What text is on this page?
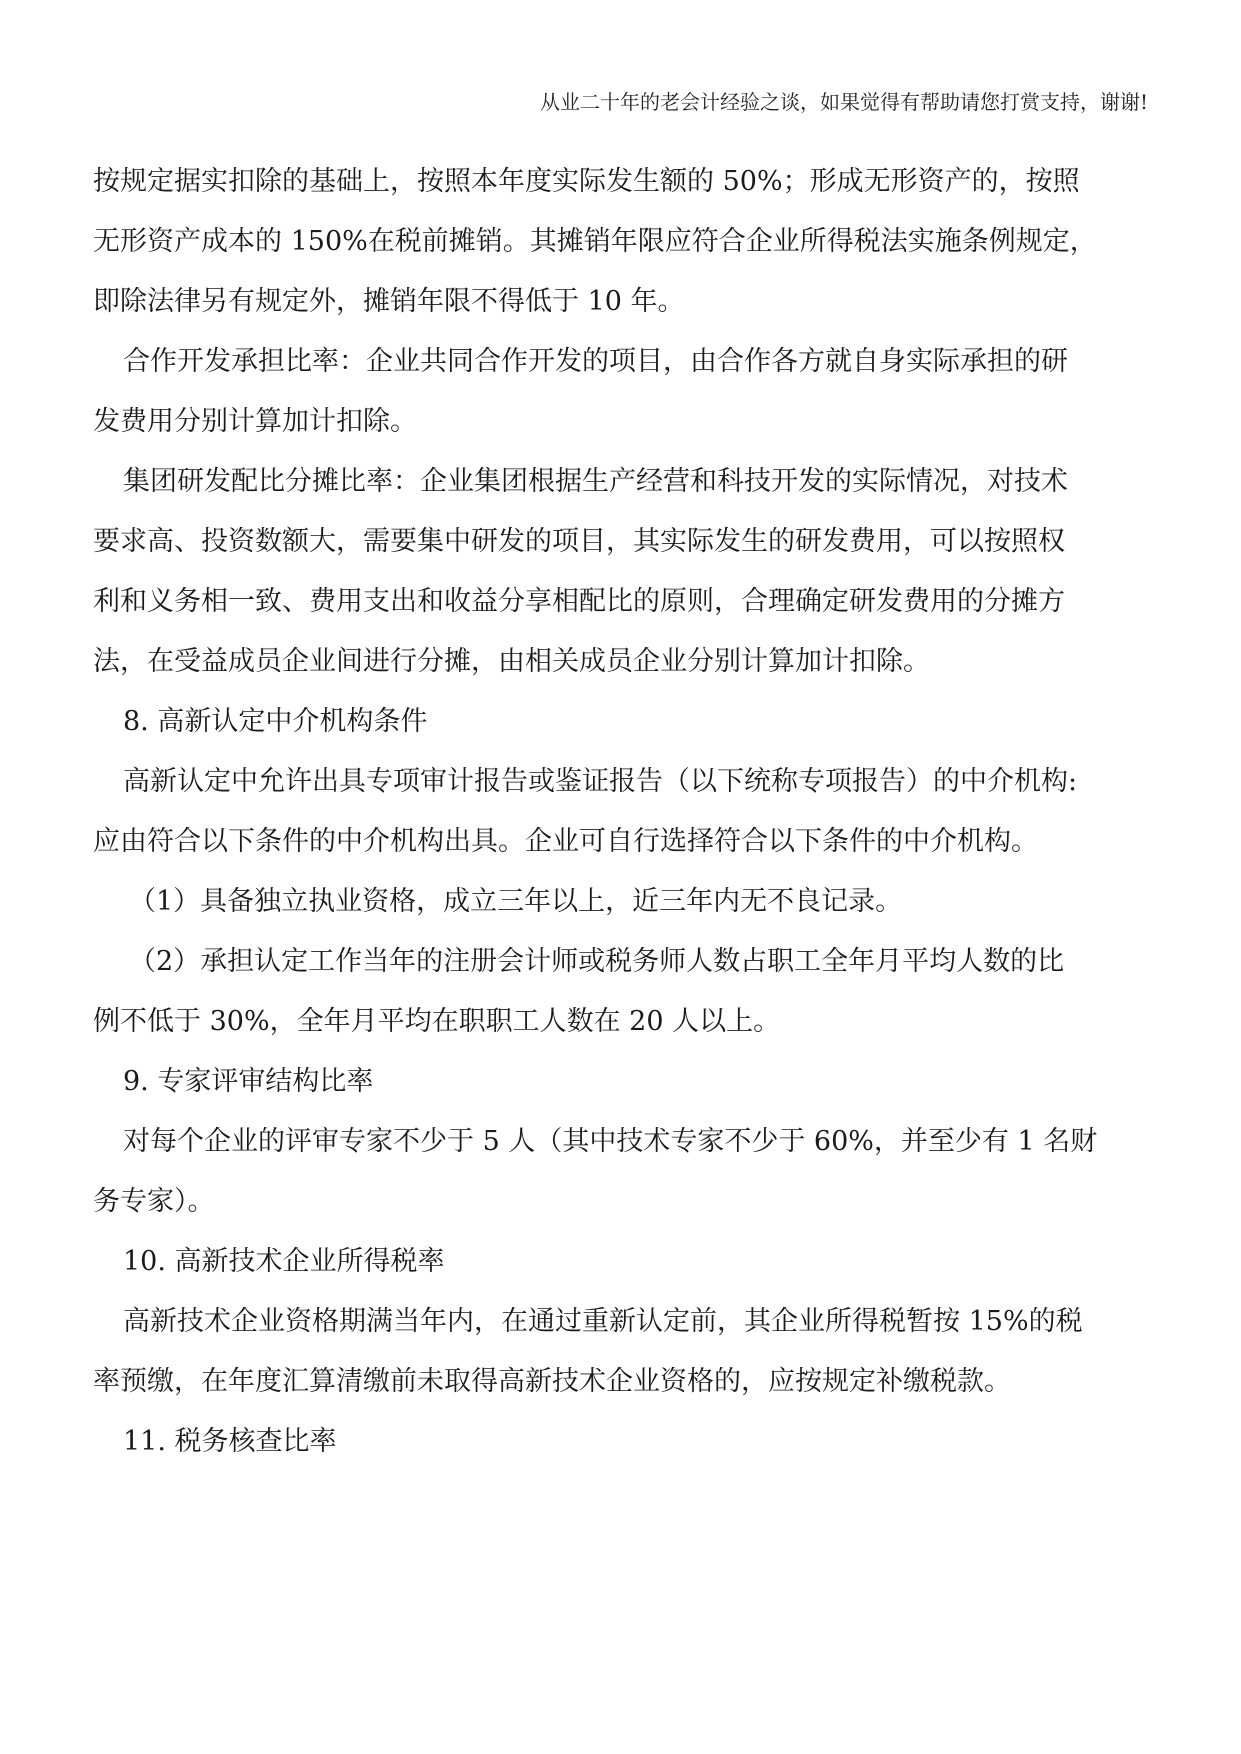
从业二十年的老会计经验之谈，如果觉得有帮助请您打赏支持，谢谢!
按规定据实扣除的基础上，按照本年度实际发生额的 50%；形成无形资产的，按照
无形资产成本的 150%在税前摊销。其摊销年限应符合企业所得税法实施条例规定，
即除法律另有规定外，摊销年限不得低于 10 年。
合作开发承担比率：企业共同合作开发的项目，由合作各方就自身实际承担的研
发费用分别计算加计扣除。
集团研发配比分摊比率：企业集团根据生产经营和科技开发的实际情况，对技术
要求高、投资数额大，需要集中研发的项目，其实际发生的研发费用，可以按照权
利和义务相一致、费用支出和收益分享相配比的原则，合理确定研发费用的分摊方
法，在受益成员企业间进行分摊，由相关成员企业分别计算加计扣除。
8. 高新认定中介机构条件
高新认定中允许出具专项审计报告或鉴证报告（以下统称专项报告）的中介机构:
应由符合以下条件的中介机构出具。企业可自行选择符合以下条件的中介机构。
（1）具备独立执业资格，成立三年以上，近三年内无不良记录。
（2）承担认定工作当年的注册会计师或税务师人数占职工全年月平均人数的比
例不低于 30%，全年月平均在职职工人数在 20 人以上。
9. 专家评审结构比率
对每个企业的评审专家不少于 5 人（其中技术专家不少于 60%，并至少有 1 名财
务专家）。
10. 高新技术企业所得税率
高新技术企业资格期满当年内，在通过重新认定前，其企业所得税暂按 15%的税
率预缴，在年度汇算清缴前未取得高新技术企业资格的，应按规定补缴税款。
11. 税务核查比率
